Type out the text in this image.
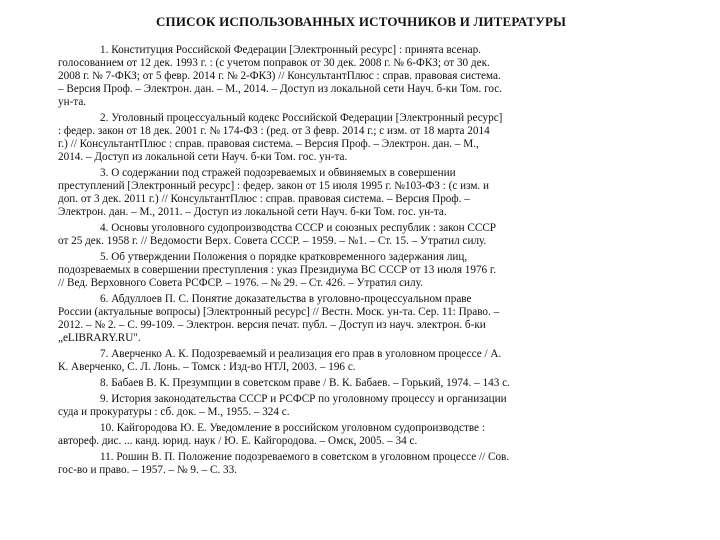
СПИСОК ИСПОЛЬЗОВАННЫХ ИСТОЧНИКОВ И ЛИТЕРАТУРЫ
1. Конституция Российской Федерации [Электронный ресурс] : принята всенар.
голосованием от 12 дек. 1993 г. : (с учетом поправок от 30 дек. 2008 г. № 6-ФКЗ; от 30 дек.
2008 г. № 7-ФКЗ; от 5 февр. 2014 г. № 2-ФКЗ) // КонсультантПлюс : справ. правовая система.
– Версия Проф. – Электрон. дан. – М., 2014. – Доступ из локальной сети Науч. б-ки Том. гос.
ун-та.
2. Уголовный процессуальный кодекс Российской Федерации [Электронный ресурс]
: федер. закон от 18 дек. 2001 г. № 174-ФЗ : (ред. от 3 февр. 2014 г.; с изм. от 18 марта 2014
г.) // КонсультантПлюс : справ. правовая система. – Версия Проф. – Электрон. дан. – М.,
2014. – Доступ из локальной сети Науч. б-ки Том. гос. ун-та.
3. О содержании под стражей подозреваемых и обвиняемых в совершении
преступлений [Электронный ресурс] : федер. закон от 15 июля 1995 г. №103-ФЗ : (с изм. и
доп. от 3 дек. 2011 г.) // КонсультантПлюс : справ. правовая система. – Версия Проф. –
Электрон. дан. – М., 2011. – Доступ из локальной сети Науч. б-ки Том. гос. ун-та.
4. Основы уголовного судопроизводства СССР и союзных республик : закон СССР
от 25 дек. 1958 г. // Ведомости Верх. Совета СССР. – 1959. – №1. – Ст. 15. – Утратил силу.
5. Об утверждении Положения о порядке кратковременного задержания лиц,
подозреваемых в совершении преступления : указ Президиума ВС СССР от 13 июля 1976 г.
// Вед. Верховного Совета РСФСР. – 1976. – № 29. – Ст. 426. – Утратил силу.
6. Абдуллоев П. С. Понятие доказательства в уголовно-процессуальном праве
России (актуальные вопросы) [Электронный ресурс] // Вестн. Моск. ун-та. Сер. 11: Право. –
2012. – № 2. – С. 99-109. – Электрон. версия печат. публ. – Доступ из науч. электрон. б-ки
„eLIBRARY.RU".
7. Аверченко А. К. Подозреваемый и реализация его прав в уголовном процессе / А.
К. Аверченко, С. Л. Лонь. – Томск : Изд-во НТЛ, 2003. – 196 с.
8. Бабаев В. К. Презумпции в советском праве / В. К. Бабаев. – Горький, 1974. – 143 с.
9. История законодательства СССР и РСФСР по уголовному процессу и организации
суда и прокуратуры : сб. док. – М., 1955. – 324 с.
10. Кайгородова Ю. Е. Уведомление в российском уголовном судопроизводстве :
автореф. дис. ... канд. юрид. наук / Ю. Е. Кайгородова. – Омск, 2005. – 34 с.
11. Рошин В. П. Положение подозреваемого в советском в уголовном процессе // Сов.
гос-во и право. – 1957. – № 9. – С. 33.
